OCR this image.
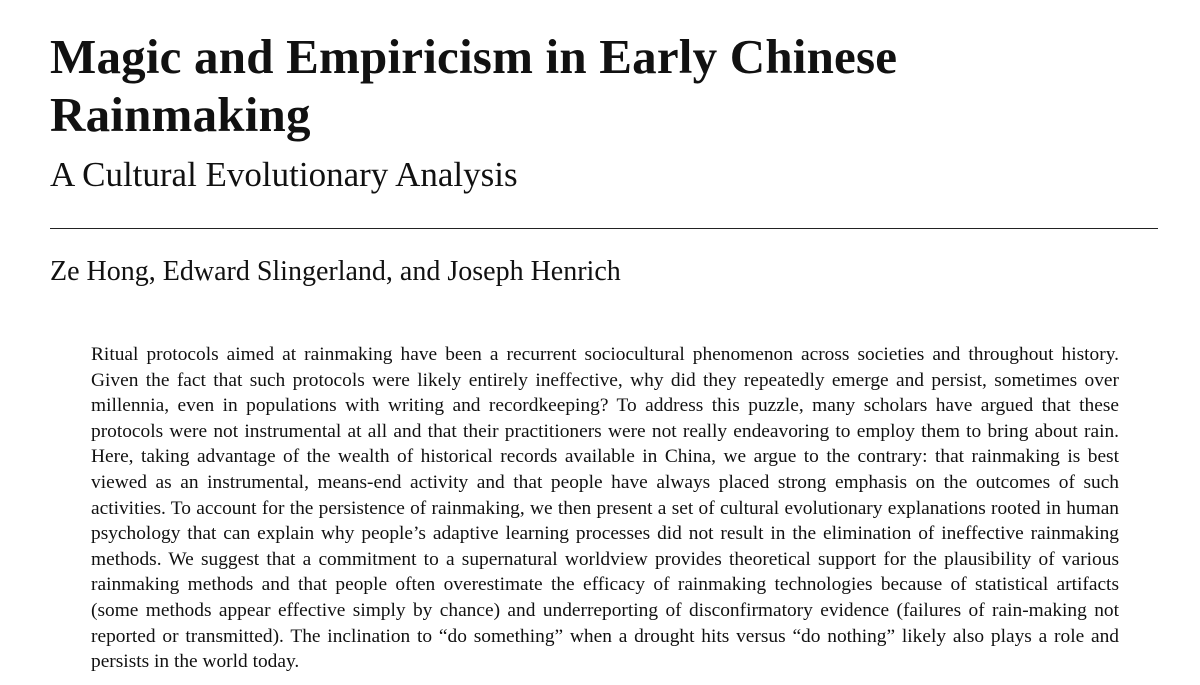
Magic and Empiricism in Early Chinese Rainmaking
A Cultural Evolutionary Analysis

Ze Hong, Edward Slingerland, and Joseph Henrich

Ritual protocols aimed at rainmaking have been a recurrent sociocultural phenomenon across societies and throughout history. Given the fact that such protocols were likely entirely ineffective, why did they repeatedly emerge and persist, sometimes over millennia, even in populations with writing and recordkeeping? To address this puzzle, many scholars have argued that these protocols were not instrumental at all and that their practitioners were not really endeavoring to employ them to bring about rain. Here, taking advantage of the wealth of historical records available in China, we argue to the contrary: that rainmaking is best viewed as an instrumental, means-end activity and that people have always placed strong emphasis on the outcomes of such activities. To account for the persistence of rainmaking, we then present a set of cultural evolutionary explanations rooted in human psychology that can explain why people’s adaptive learning processes did not result in the elimination of ineffective rainmaking methods. We suggest that a commitment to a supernatural worldview provides theoretical support for the plausibility of various rainmaking methods and that people often overestimate the efficacy of rainmaking technologies because of statistical artifacts (some methods appear effective simply by chance) and underreporting of disconfirmatory evidence (failures of rain-making not reported or transmitted). The inclination to “do something” when a drought hits versus “do nothing” likely also plays a role and persists in the world today.
